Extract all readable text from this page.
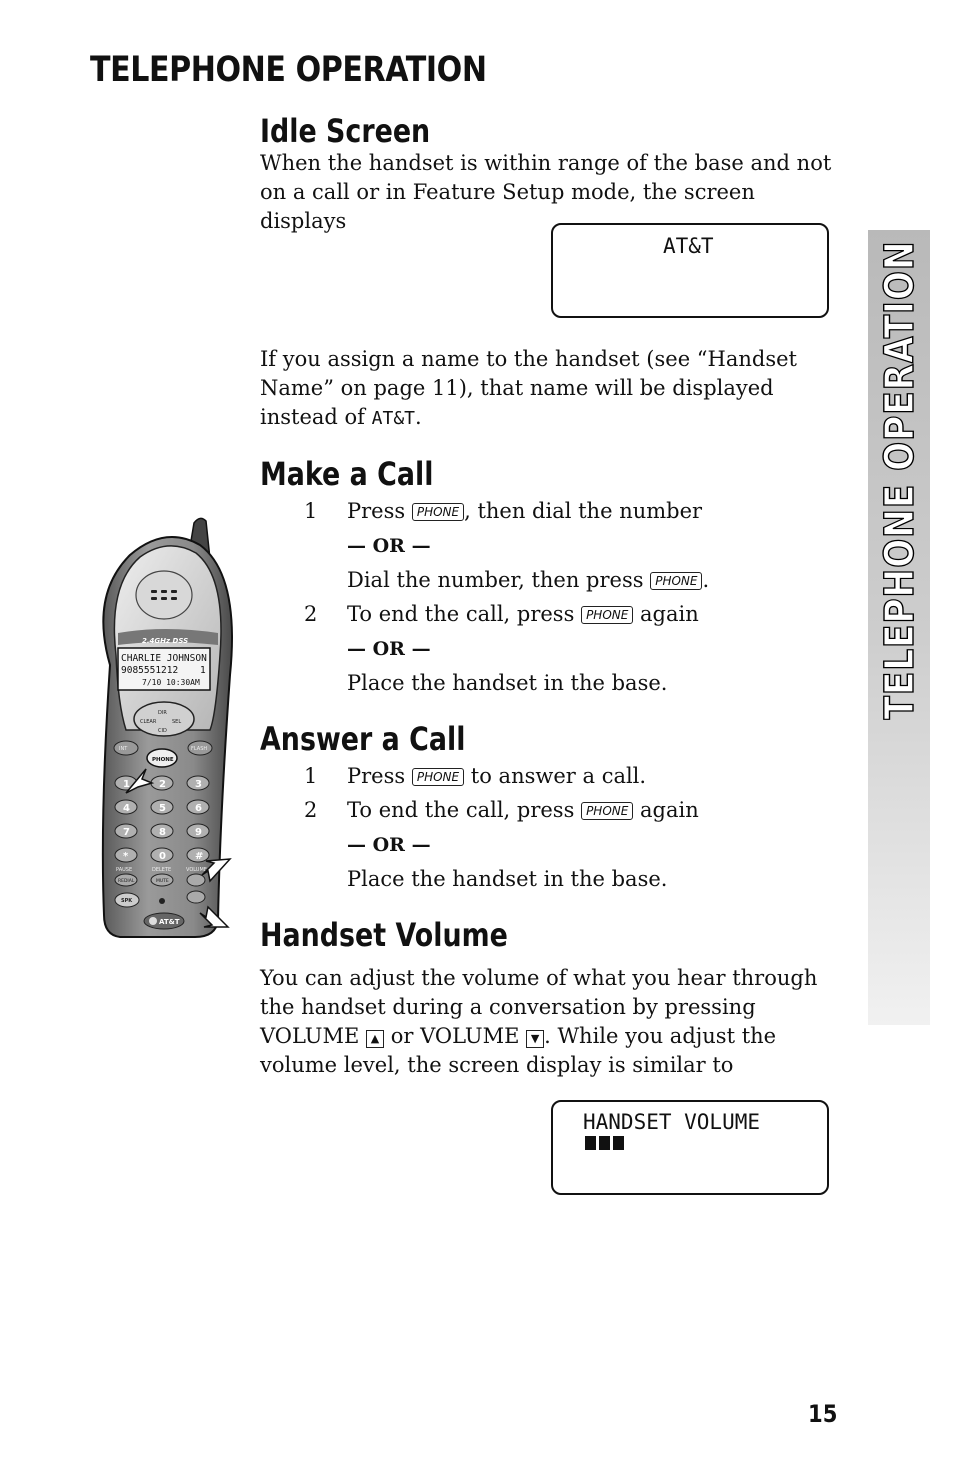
TELEPHONE OPERATION
TELEPHONE OPERATION
Idle Screen

When the handset is within range of the base and not on a call or in Feature Setup mode, the screen displays

AT&T

If you assign a name to the handset (see “Handset Name” on page 11), that name will be displayed instead of AT&T.

Make a Call
1 Press PHONE , then dial the number
— OR —
Dial the number, then press PHONE .
2 To end the call, press PHONE again
— OR —
Place the handset in the base.
Answer a Call
1 Press PHONE to answer a call.
2 To end the call, press PHONE again
— OR —
Place the handset in the base.
Handset Volume

You can adjust the volume of what you hear through the handset during a conversation by pressing VOLUME ▲ or VOLUME ▼ . While you adjust the volume level, the screen display is similar to

HANDSET VOLUME
2.4GHz DSS
CHARLIE JOHNSON
9085551212 1
7/10 10:30AM
DIR
CLEAR	SEL
CID
INT	FLASH
PHONE
1	2	3
4	5	6
7	8	9
*	0	#
PAUSE	DELETE	VOLUME
REDIAL	MUTE
SPK
AT&T
15
